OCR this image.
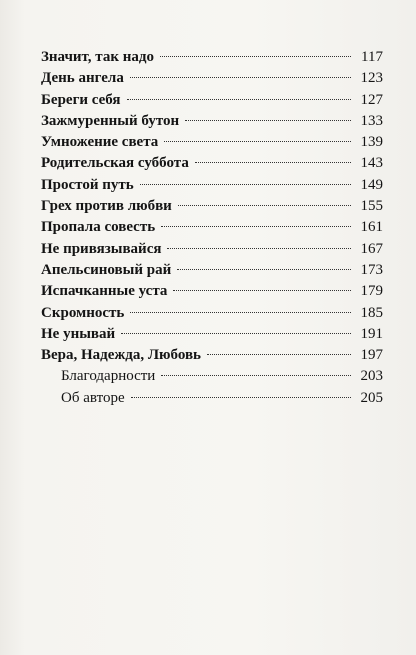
Значит, так надо	117
День ангела	123
Береги себя	127
Зажмуренный бутон	133
Умножение света	139
Родительская суббота	143
Простой путь	149
Грех против любви	155
Пропала совесть	161
Не привязывайся	167
Апельсиновый рай	173
Испачканные уста	179
Скромность	185
Не унывай	191
Вера, Надежда, Любовь	197
Благодарности	203
Об авторе	205
